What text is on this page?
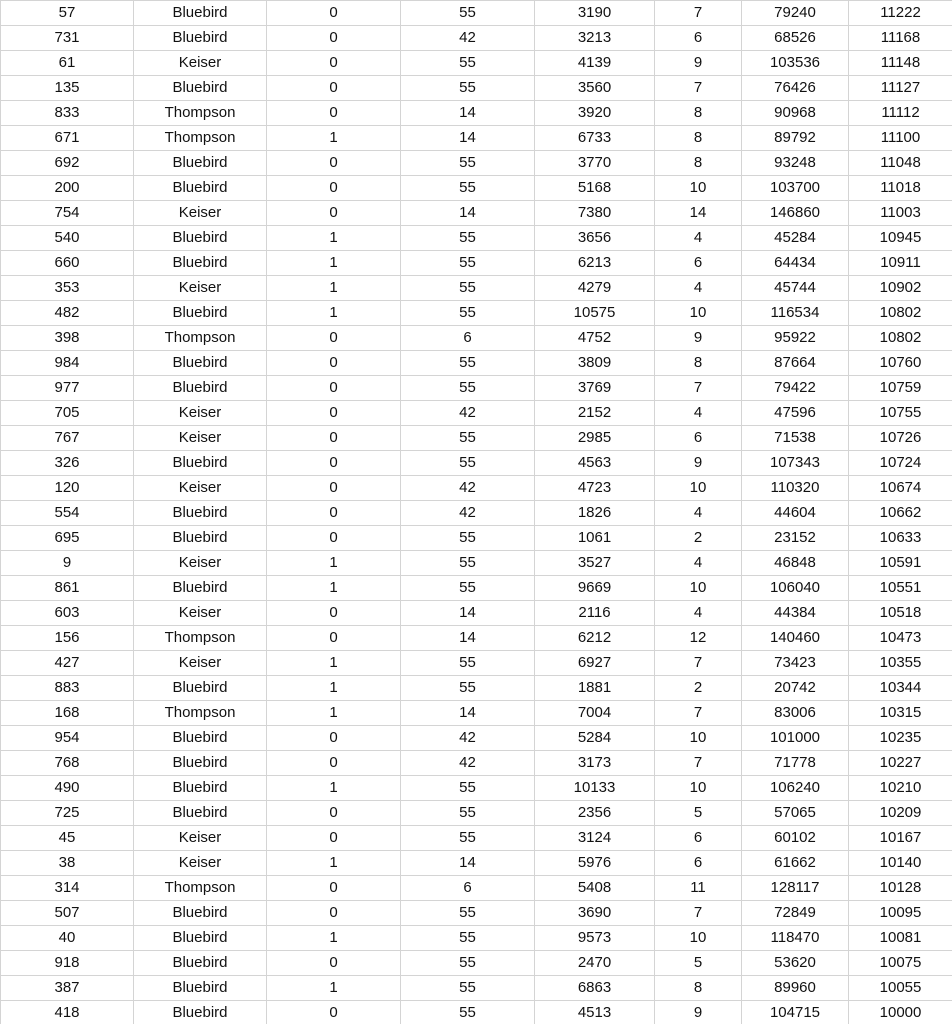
57	Bluebird	0	55	3190	7	79240	11222
731	Bluebird	0	42	3213	6	68526	11168
61	Keiser	0	55	4139	9	103536	11148
135	Bluebird	0	55	3560	7	76426	11127
833	Thompson	0	14	3920	8	90968	11112
671	Thompson	1	14	6733	8	89792	11100
692	Bluebird	0	55	3770	8	93248	11048
200	Bluebird	0	55	5168	10	103700	11018
754	Keiser	0	14	7380	14	146860	11003
540	Bluebird	1	55	3656	4	45284	10945
660	Bluebird	1	55	6213	6	64434	10911
353	Keiser	1	55	4279	4	45744	10902
482	Bluebird	1	55	10575	10	116534	10802
398	Thompson	0	6	4752	9	95922	10802
984	Bluebird	0	55	3809	8	87664	10760
977	Bluebird	0	55	3769	7	79422	10759
705	Keiser	0	42	2152	4	47596	10755
767	Keiser	0	55	2985	6	71538	10726
326	Bluebird	0	55	4563	9	107343	10724
120	Keiser	0	42	4723	10	110320	10674
554	Bluebird	0	42	1826	4	44604	10662
695	Bluebird	0	55	1061	2	23152	10633
9	Keiser	1	55	3527	4	46848	10591
861	Bluebird	1	55	9669	10	106040	10551
603	Keiser	0	14	2116	4	44384	10518
156	Thompson	0	14	6212	12	140460	10473
427	Keiser	1	55	6927	7	73423	10355
883	Bluebird	1	55	1881	2	20742	10344
168	Thompson	1	14	7004	7	83006	10315
954	Bluebird	0	42	5284	10	101000	10235
768	Bluebird	0	42	3173	7	71778	10227
490	Bluebird	1	55	10133	10	106240	10210
725	Bluebird	0	55	2356	5	57065	10209
45	Keiser	0	55	3124	6	60102	10167
38	Keiser	1	14	5976	6	61662	10140
314	Thompson	0	6	5408	11	128117	10128
507	Bluebird	0	55	3690	7	72849	10095
40	Bluebird	1	55	9573	10	118470	10081
918	Bluebird	0	55	2470	5	53620	10075
387	Bluebird	1	55	6863	8	89960	10055
418	Bluebird	0	55	4513	9	104715	10000
